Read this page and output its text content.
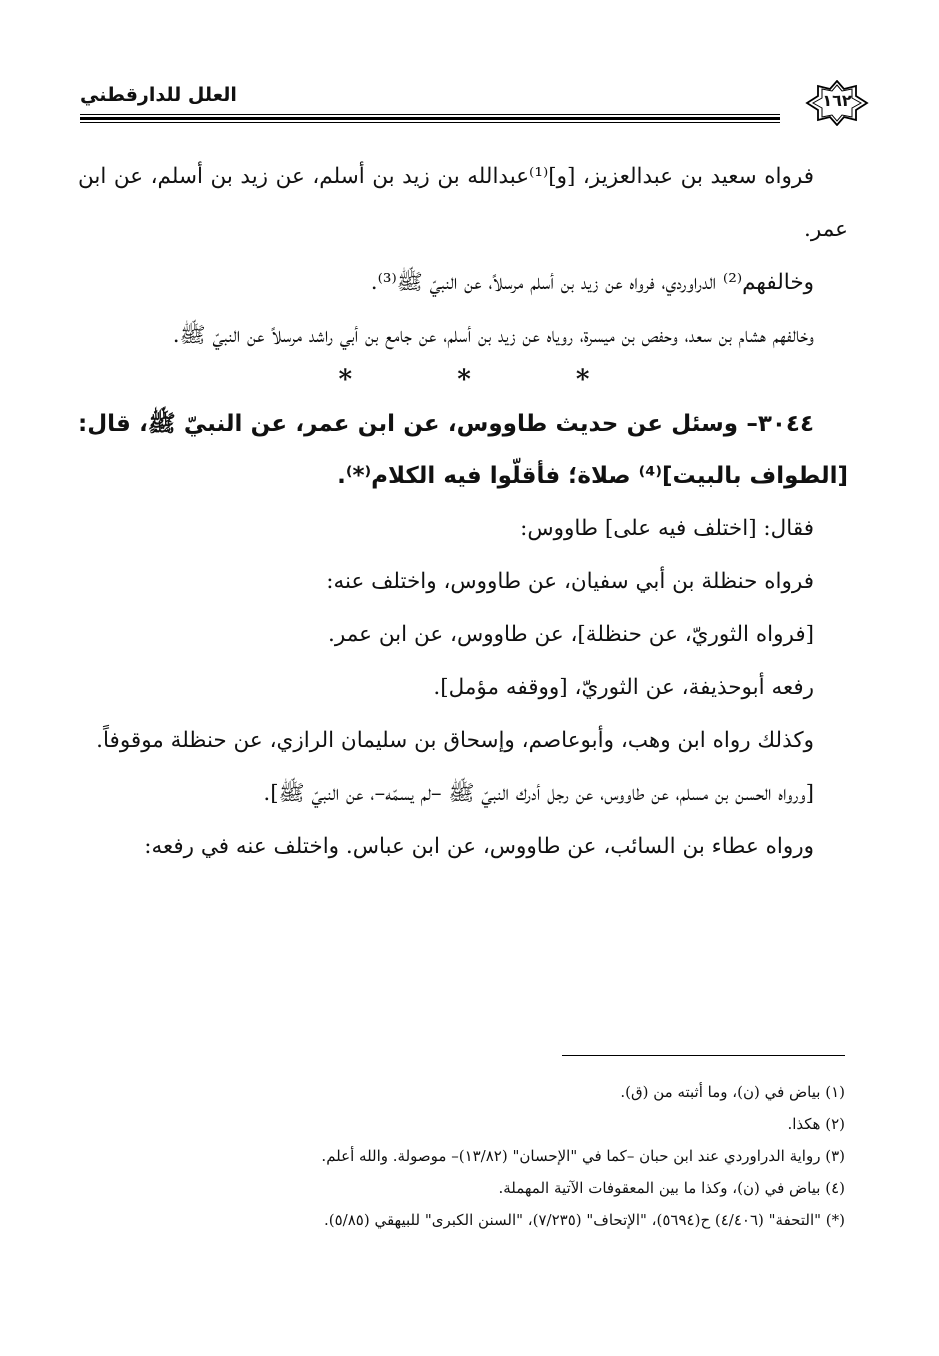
العلل للدارقطني	١٦٢

فرواه سعيد بن عبدالعزيز، [و]⁽¹⁾عبدالله بن زيد بن أسلم، عن زيد بن أسلم، عن ابن عمر.

وخالفهم⁽²⁾ الدراوردي، فرواه عن زيد بن أسلم مرسلاً، عن النبيّ ﷺ⁽³⁾.

وخالفهم هشام بن سعد، وحفص بن ميسرة، روياه عن زيد بن أسلم، عن جامع بن أبي راشد مرسلاً عن النبيّ ﷺ.

* * *

٣٠٤٤– وسئل عن حديث طاووس، عن ابن عمر، عن النبيّ ﷺ، قال: [الطواف بالبيت]⁽⁴⁾ صلاة؛ فأقلّوا فيه الكلام⁽*⁾.

فقال: [اختلف فيه على] طاووس:

فرواه حنظلة بن أبي سفيان، عن طاووس، واختلف عنه:

[فرواه الثوريّ، عن حنظلة]، عن طاووس، عن ابن عمر.

رفعه أبوحذيفة، عن الثوريّ، [ووقفه مؤمل].

وكذلك رواه ابن وهب، وأبوعاصم، وإسحاق بن سليمان الرازي، عن حنظلة موقوفاً.

[ورواه الحسن بن مسلم، عن طاووس، عن رجل أدرك النبيّ ﷺ –لم يسمّه–، عن النبيّ ﷺ].

ورواه عطاء بن السائب، عن طاووس، عن ابن عباس. واختلف عنه في رفعه:

(١) بياض في (ن)، وما أثبته من (ق).

(٢) هكذا.

(٣) رواية الدراوردي عند ابن حبان –كما في "الإحسان" (١٣/٨٢)– موصولة. والله أعلم.

(٤) بياض في (ن)، وكذا ما بين المعقوفات الآتية المهملة.

(*) "التحفة" (٤/٤٠٦) ح(٥٦٩٤)، "الإتحاف" (٧/٢٣٥)، "السنن الكبرى" للبيهقي (٥/٨٥).
